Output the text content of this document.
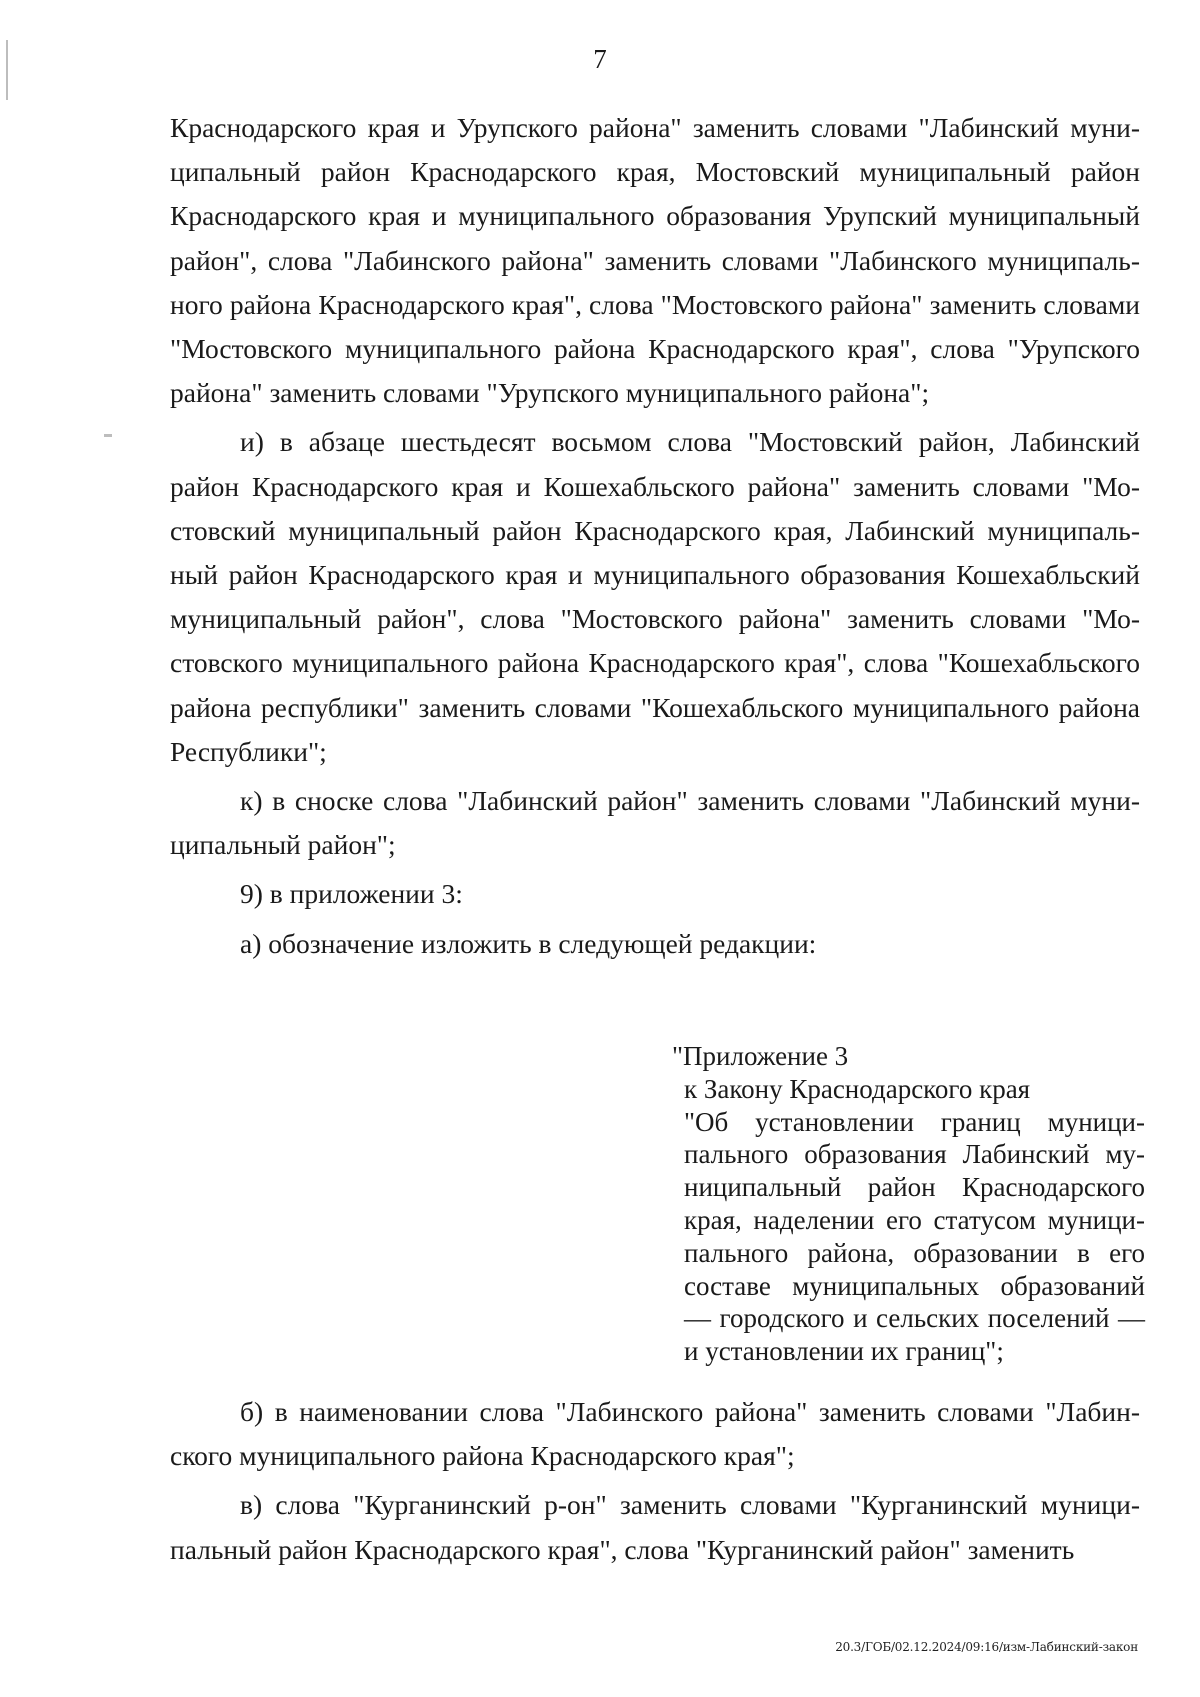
7

Краснодарского края и Урупского района" заменить словами "Лабинский муниципальный район Краснодарского края, Мостовский муниципальный район Краснодарского края и муниципального образования Урупский муниципальный район", слова "Лабинского района" заменить словами "Лабинского муниципального района Краснодарского края", слова "Мостовского района" заменить словами "Мостовского муниципального района Краснодарского края", слова "Урупского района" заменить словами "Урупского муниципального района";

и) в абзаце шестьдесят восьмом слова "Мостовский район, Лабинский район Краснодарского края и Кошехабльского района" заменить словами "Мостовский муниципальный район Краснодарского края, Лабинский муниципальный район Краснодарского края и муниципального образования Кошехабльский муниципальный район", слова "Мостовского района" заменить словами "Мостовского муниципального района Краснодарского края", слова "Кошехабльского района республики" заменить словами "Кошехабльского муниципального района Республики";

к) в сноске слова "Лабинский район" заменить словами "Лабинский муниципальный район";

9) в приложении 3:

а) обозначение изложить в следующей редакции:

"Приложение 3

к Закону Краснодарского края

"Об установлении границ муниципального образования Лабинский муниципальный район Краснодарского края, наделении его статусом муниципального района, образовании в его составе муниципальных образований — городского и сельских поселений — и установлении их границ";

б) в наименовании слова "Лабинского района" заменить словами "Лабинского муниципального района Краснодарского края";

в) слова "Курганинский р-он" заменить словами "Курганинский муниципальный район Краснодарского края", слова "Курганинский район" заменить

20.3/ГОБ/02.12.2024/09:16/изм-Лабинский-закон
